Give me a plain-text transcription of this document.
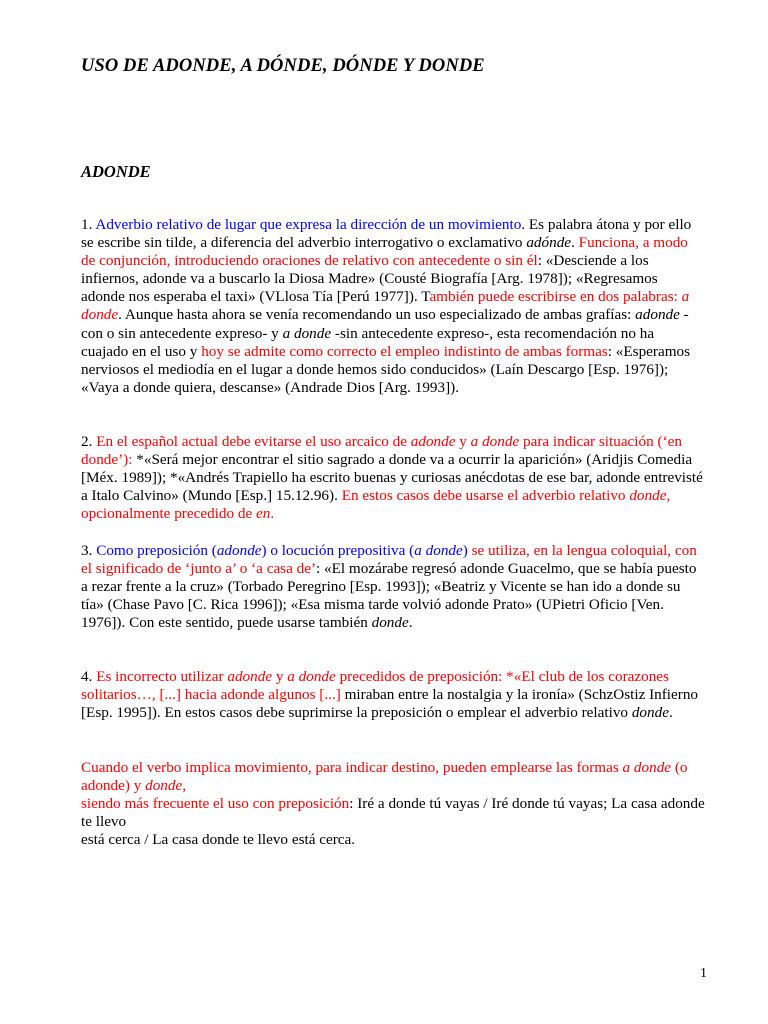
USO DE ADONDE, A DÓNDE, DÓNDE Y DONDE
ADONDE

1. Adverbio relativo de lugar que expresa la dirección de un movimiento. Es palabra átona y por ello se escribe sin tilde, a diferencia del adverbio interrogativo o exclamativo adónde. Funciona, a modo de conjunción, introduciendo oraciones de relativo con antecedente o sin él: «Desciende a los infiernos, adonde va a buscarlo la Diosa Madre» (Cousté Biografía [Arg. 1978]); «Regresamos adonde nos esperaba el taxi» (VLlosa Tía [Perú 1977]). También puede escribirse en dos palabras: a donde. Aunque hasta ahora se venía recomendando un uso especializado de ambas grafías: adonde -con o sin antecedente expreso- y a donde -sin antecedente expreso-, esta recomendación no ha cuajado en el uso y hoy se admite como correcto el empleo indistinto de ambas formas: «Esperamos nerviosos el mediodía en el lugar a donde hemos sido conducidos» (Laín Descargo [Esp. 1976]); «Vaya a donde quiera, descanse» (Andrade Dios [Arg. 1993]).

2. En el español actual debe evitarse el uso arcaico de adonde y a donde para indicar situación (‘en donde’): *«Será mejor encontrar el sitio sagrado a donde va a ocurrir la aparición» (Aridjis Comedia [Méx. 1989]); *«Andrés Trapiello ha escrito buenas y curiosas anécdotas de ese bar, adonde entrevisté a Italo Calvino» (Mundo [Esp.] 15.12.96). En estos casos debe usarse el adverbio relativo donde, opcionalmente precedido de en.

3. Como preposición (adonde) o locución prepositiva (a donde) se utiliza, en la lengua coloquial, con el significado de ‘junto a’ o ‘a casa de’: «El mozárabe regresó adonde Guacelmo, que se había puesto a rezar frente a la cruz» (Torbado Peregrino [Esp. 1993]); «Beatriz y Vicente se han ido a donde su tía» (Chase Pavo [C. Rica 1996]); «Esa misma tarde volvió adonde Prato» (UPietri Oficio [Ven. 1976]). Con este sentido, puede usarse también donde.

4. Es incorrecto utilizar adonde y a donde precedidos de preposición: *«El club de los corazones solitarios…, [...] hacia adonde algunos [...] miraban entre la nostalgia y la ironía» (SchzOstiz Infierno [Esp. 1995]). En estos casos debe suprimirse la preposición o emplear el adverbio relativo donde.

Cuando el verbo implica movimiento, para indicar destino, pueden emplearse las formas a donde (o adonde) y donde,
siendo más frecuente el uso con preposición: Iré a donde tú vayas / Iré donde tú vayas; La casa adonde te llevo
está cerca / La casa donde te llevo está cerca.

1
